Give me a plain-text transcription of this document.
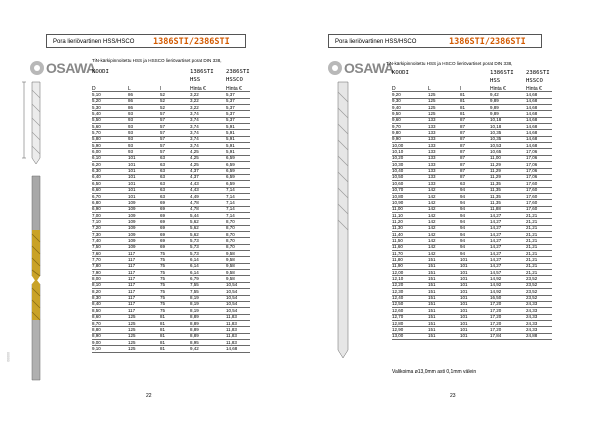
Pora lieriövartinen HSS/HSCO 1386STI/2386STI
OSAWA
00000
TiN-kärkipinnoitettu HSS ja HSSCO lieriövartiset porat DIN 338,
KOODI	1386STI 2386STI
HSS	HSSCO
D	L	l	Hinta €	Hinta €
5,10	86	52	3,22	5,37
5,20	86	52	3,22	5,37
5,30	86	52	3,22	5,37
5,40	93	57	3,74	5,37
5,50	93	57	3,74	5,37
5,60	93	57	3,74	5,91
5,70	93	57	3,74	5,91
5,80	93	57	3,74	5,91
5,90	93	57	3,74	5,91
6,00	93	57	4,25	5,91
6,10	101	63	4,25	6,59
6,20	101	63	4,25	6,59
6,30	101	63	4,37	6,59
6,40	101	63	4,37	6,59
6,50	101	63	4,43	6,59
6,60	101	63	4,43	7,14
6,70	101	63	4,49	7,14
6,80	109	69	4,78	7,14
6,90	109	69	4,78	7,14
7,00	109	69	5,44	7,14
7,10	109	69	5,62	8,70
7,20	109	69	5,62	8,70
7,30	109	69	5,62	8,70
7,40	109	69	5,73	8,70
7,50	109	69	5,73	8,70
7,60	117	75	5,73	9,58
7,70	117	75	6,14	9,58
7,80	117	75	6,14	9,58
7,90	117	75	6,14	9,58
8,00	117	75	6,79	9,58
8,10	117	75	7,55	10,54
8,20	117	75	7,55	10,54
8,30	117	75	8,19	10,54
8,40	117	75	8,19	10,54
8,50	117	75	8,19	10,54
8,60	125	81	8,89	11,83
8,70	125	81	8,89	11,83
8,80	125	81	8,89	11,83
8,90	125	81	8,89	11,83
9,00	125	81	8,95	11,83
9,10	125	81	9,42	14,68
22
Pora lieriövartinen HSS/HSCO	1386STI/2386STI
OSAWA
TiN-kärkipinnoitettu HSS ja HSCO lieriövartiset porat DIN 338,
KOODI	1386STI 2386STI
HSS	HSSCO
D	L	l	Hinta €	Hinta €
9,20	125	81	9,42	14,68
9,30	125	81	9,89	14,68
9,40	125	81	9,89	14,68
9,50	125	81	9,89	14,68
9,60	133	87	10,18	14,68
9,70	133	87	10,18	14,68
9,80	133	87	10,35	14,68
9,90	133	87	10,35	14,68
10,00	133	87	10,53	14,68
10,10	133	87	10,65	17,06
10,20	133	87	11,00	17,06
10,30	133	87	11,29	17,06
10,40	133	87	11,29	17,06
10,50	133	87	11,29	17,06
10,60	133	63	11,35	17,60
10,70	142	94	11,35	17,60
10,80	142	94	11,35	17,60
10,90	142	94	11,35	17,60
11,00	142	94	11,88	17,60
11,10	142	94	14,27	21,21
11,20	142	94	14,27	21,21
11,30	142	94	14,27	21,21
11,40	142	94	14,27	21,21
11,50	142	94	14,27	21,21
11,60	142	94	14,27	21,21
11,70	142	94	14,27	21,21
11,80	151	101	14,27	21,21
11,90	151	101	14,27	21,21
12,00	151	101	14,57	21,21
12,10	151	101	14,92	23,52
12,20	151	101	14,92	23,52
12,30	151	101	14,92	23,52
12,40	151	101	16,50	23,52
12,50	151	101	17,20	24,33
12,60	151	101	17,20	24,33
12,70	151	101	17,20	24,33
12,80	151	101	17,20	24,33
12,90	151	101	17,20	24,33
13,00	151	101	17,84	24,88
Valikoima ø13,0mm asti 0,1mm välein
23
